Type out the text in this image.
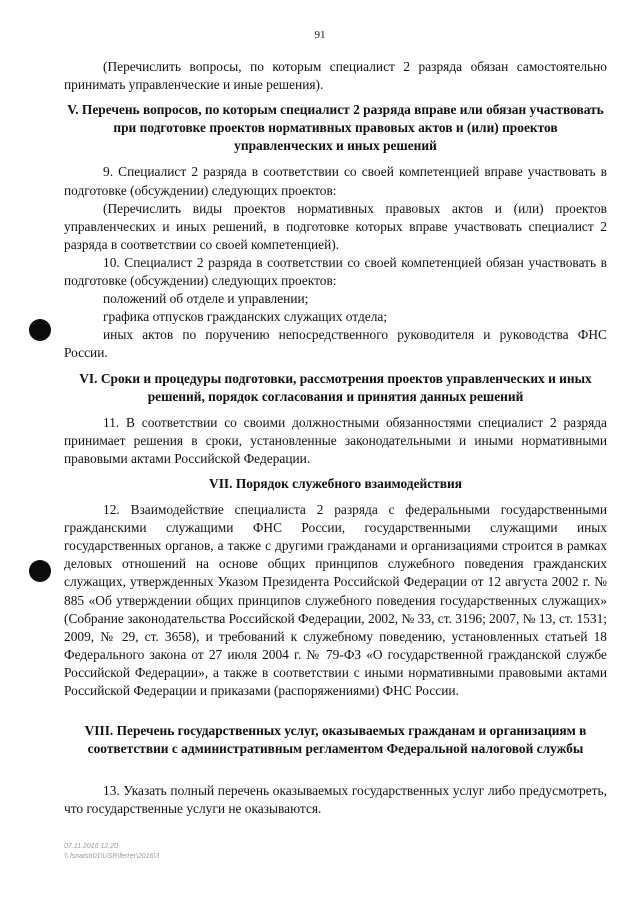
91

(Перечислить вопросы, по которым специалист 2 разряда обязан самостоятельно принимать управленческие и иные решения).

V. Перечень вопросов, по которым специалист 2 разряда вправе или обязан участвовать при подготовке проектов нормативных правовых актов и (или) проектов управленческих и иных решений

9. Специалист 2 разряда в соответствии со своей компетенцией вправе участвовать в подготовке (обсуждении) следующих проектов:

(Перечислить виды проектов нормативных правовых актов и (или) проектов управленческих и иных решений, в подготовке которых вправе участвовать специалист 2 разряда в соответствии со своей компетенцией).

10. Специалист 2 разряда в соответствии со своей компетенцией обязан участвовать в подготовке (обсуждении) следующих проектов:

положений об отделе и управлении;

графика отпусков гражданских служащих отдела;

иных актов по поручению непосредственного руководителя и руководства ФНС России.

VI. Сроки и процедуры подготовки, рассмотрения проектов управленческих и иных решений, порядок согласования и принятия данных решений

11. В соответствии со своими должностными обязанностями специалист 2 разряда принимает решения в сроки, установленные законодательными и иными нормативными правовыми актами Российской Федерации.

VII. Порядок служебного взаимодействия

12. Взаимодействие специалиста 2 разряда с федеральными государственными гражданскими служащими ФНС России, государственными служащими иных государственных органов, а также с другими гражданами и организациями строится в рамках деловых отношений на основе общих принципов служебного поведения гражданских служащих, утвержденных Указом Президента Российской Федерации от 12 августа 2002 г. № 885 «Об утверждении общих принципов служебного поведения государственных служащих» (Собрание законодательства Российской Федерации, 2002, № 33, ст. 3196; 2007, № 13, ст. 1531; 2009, № 29, ст. 3658), и требований к служебному поведению, установленных статьей 18 Федерального закона от 27 июля 2004 г. № 79-ФЗ «О государственной гражданской службе Российской Федерации», а также в соответствии с иными нормативными правовыми актами Российской Федерации и приказами (распоряжениями) ФНС России.

VIII. Перечень государственных услуг, оказываемых гражданам и организациям в соответствии с административным регламентом Федеральной налоговой службы

13. Указать полный перечень оказываемых государственных услуг либо предусмотреть, что государственные услуги не оказываются.

07.11.2016 12:20
\\ fsnatstr01\USR\ferrer\2016\3
